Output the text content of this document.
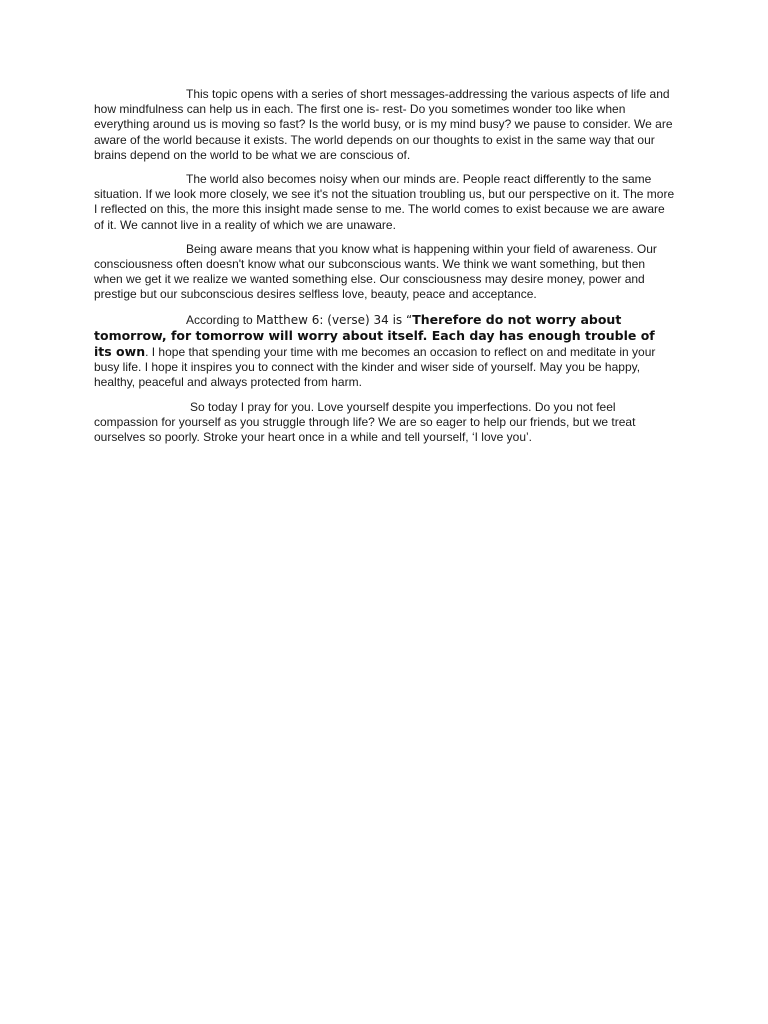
This topic opens with a series of short messages-addressing the various aspects of life and how mindfulness can help us in each. The first one is- rest- Do you sometimes wonder too like when everything around us is moving so fast? Is the world busy, or is my mind busy? we pause to consider. We are aware of the world because it exists. The world depends on our thoughts to exist in the same way that our brains depend on the world to be what we are conscious of.

The world also becomes noisy when our minds are. People react differently to the same situation. If we look more closely, we see it's not the situation troubling us, but our perspective on it. The more I reflected on this, the more this insight made sense to me. The world comes to exist because we are aware of it. We cannot live in a reality of which we are unaware.

Being aware means that you know what is happening within your field of awareness. Our consciousness often doesn't know what our subconscious wants. We think we want something, but then when we get it we realize we wanted something else. Our consciousness may desire money, power and prestige but our subconscious desires selfless love, beauty, peace and acceptance.

According to Matthew 6: (verse) 34 is “Therefore do not worry about tomorrow, for tomorrow will worry about itself. Each day has enough trouble of its own. I hope that spending your time with me becomes an occasion to reflect on and meditate in your busy life. I hope it inspires you to connect with the kinder and wiser side of yourself. May you be happy, healthy, peaceful and always protected from harm.

So today I pray for you. Love yourself despite you imperfections. Do you not feel compassion for yourself as you struggle through life? We are so eager to help our friends, but we treat ourselves so poorly. Stroke your heart once in a while and tell yourself, ‘I love you’.
